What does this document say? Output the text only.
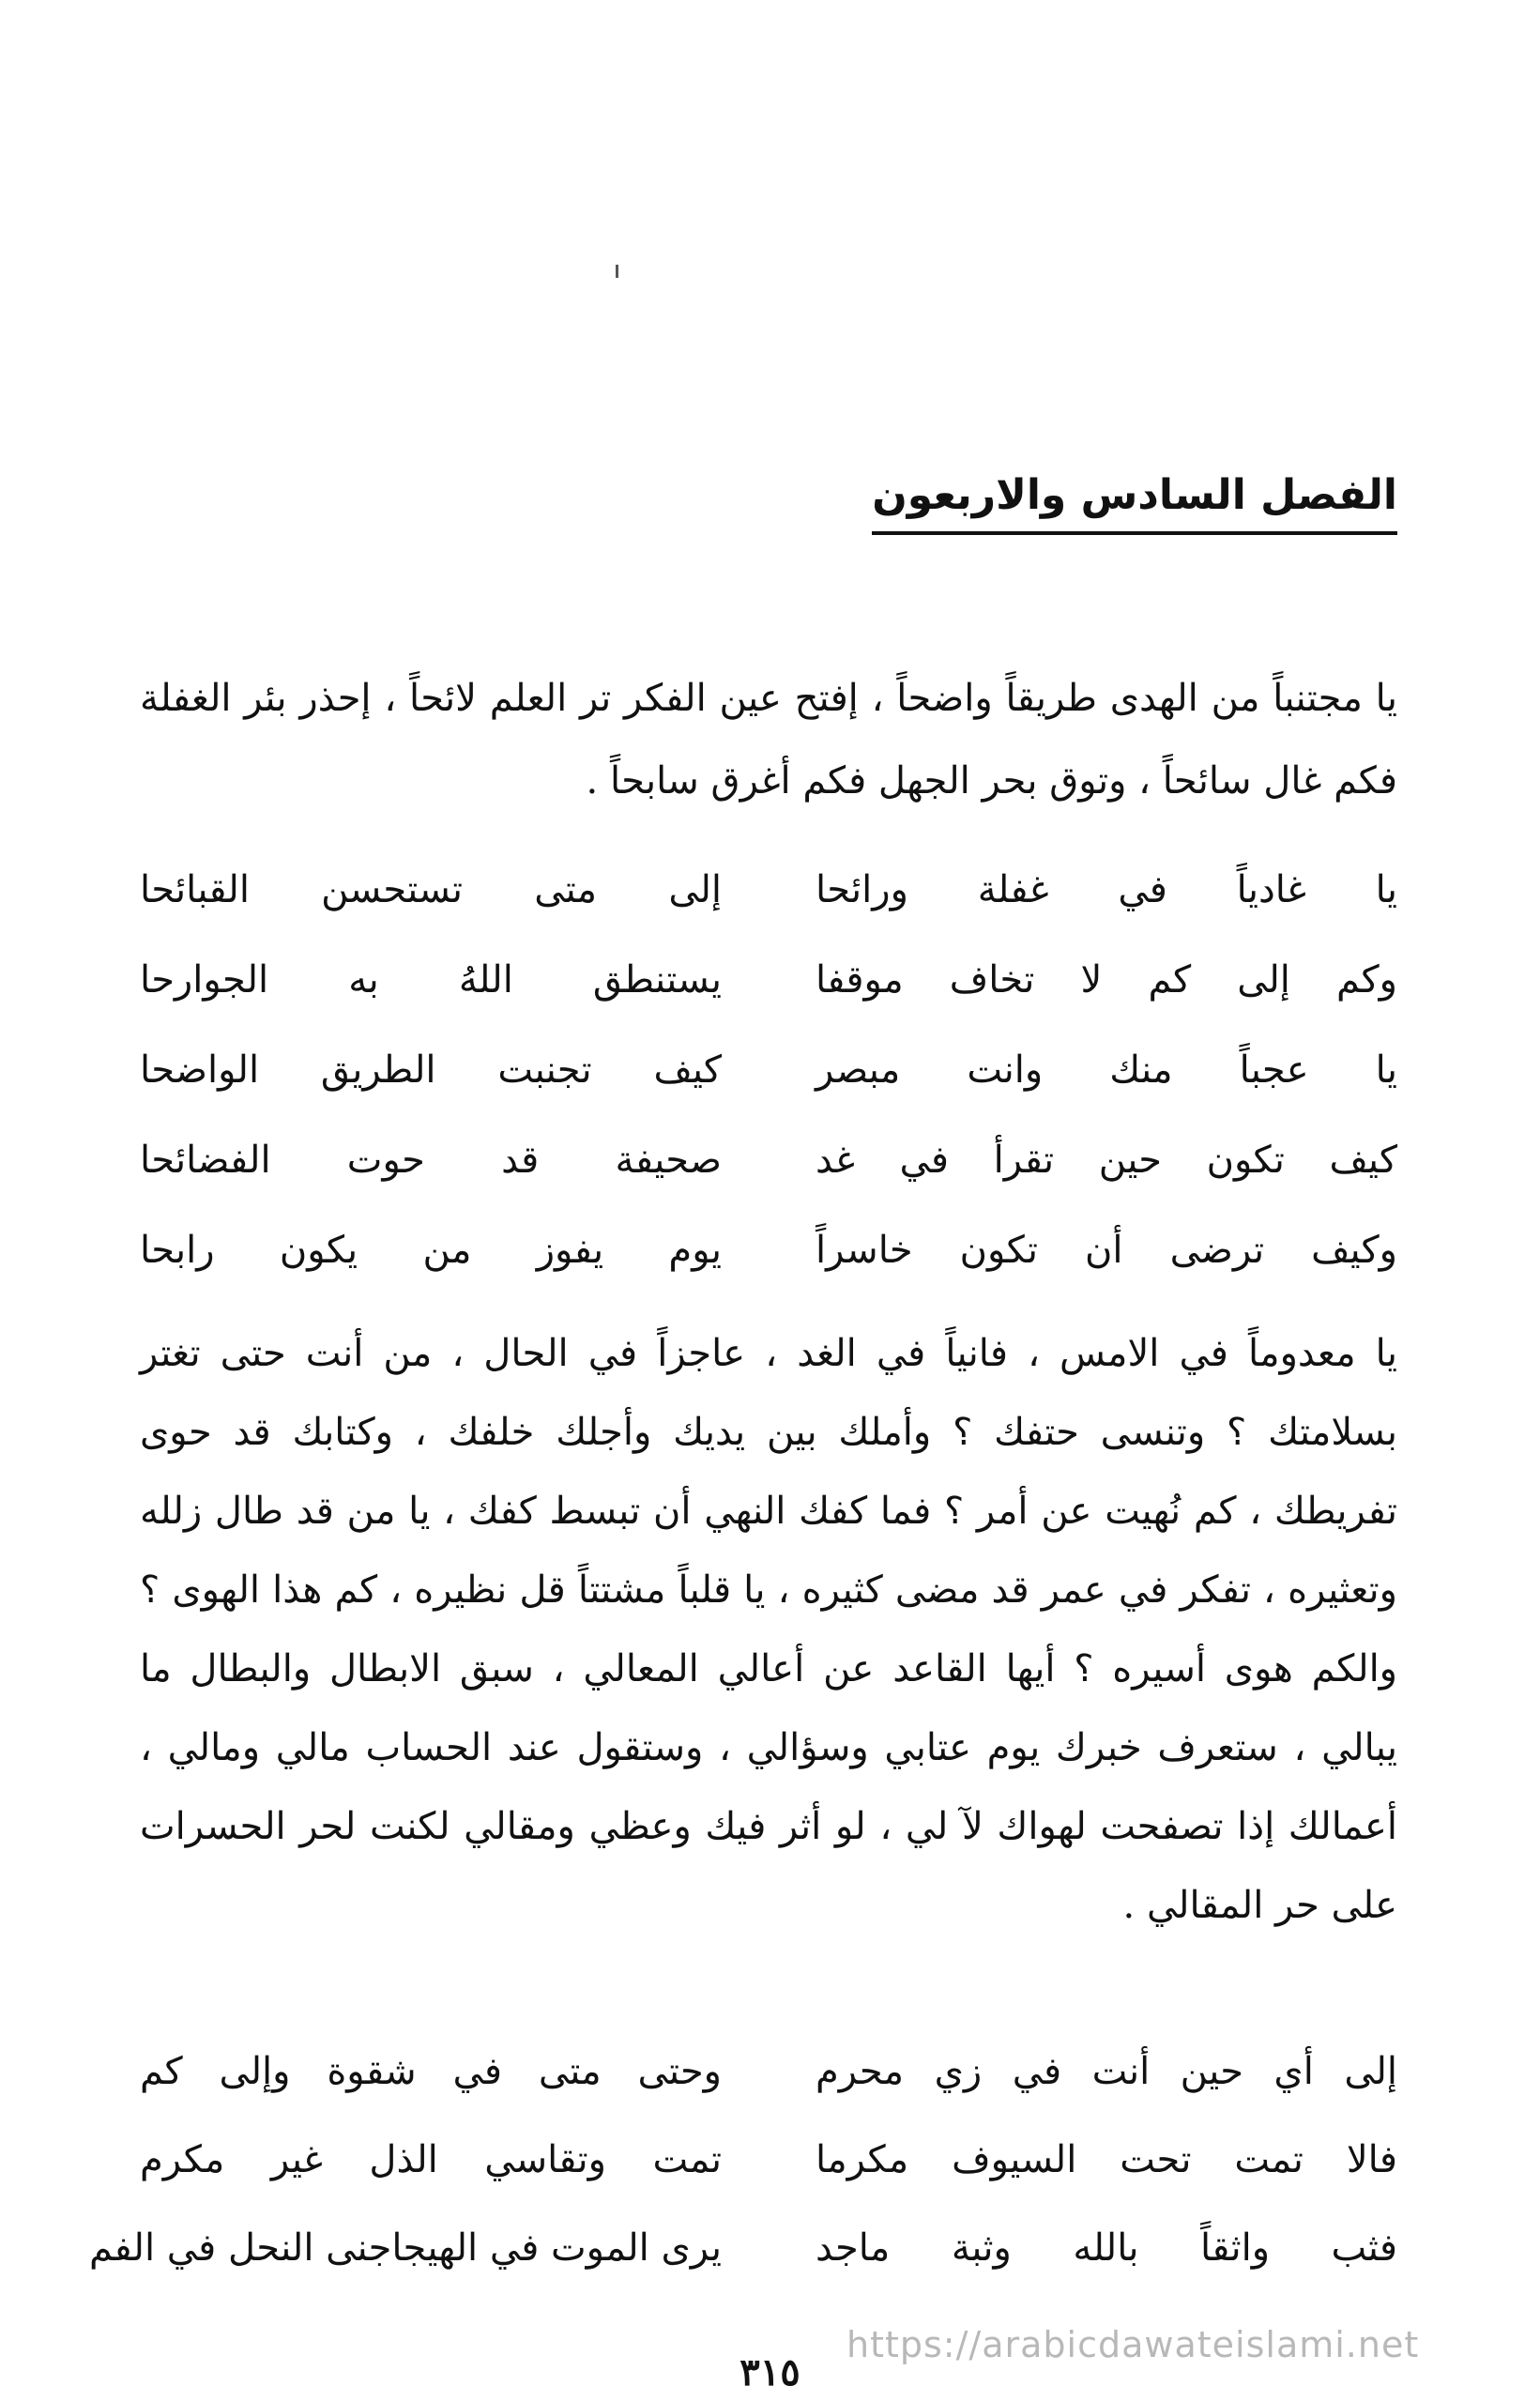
الفصل السادس والاربعون

يا مجتنباً من الهدى طريقاً واضحاً ، إفتح عين الفكر تر العلم لائحاً ، إحذر بئر الغفلة فكم غال سائحاً ، وتوق بحر الجهل فكم أغرق سابحاً .

يا غادياً في غفلة ورائحا
إلى متى تستحسن القبائحا
وكم إلى كم لا تخاف موقفا
يستنطق اللهُ به الجوارحا
يا عجباً منك وانت مبصر
كيف تجنبت الطريق الواضحا
كيف تكون حين تقرأ في غد
صحيفة قد حوت الفضائحا
وكيف ترضى أن تكون خاسراً
يوم يفوز من يكون رابحا

يا معدوماً في الامس ، فانياً في الغد ، عاجزاً في الحال ، من أنت حتى تغتر بسلامتك ؟ وتنسى حتفك ؟ وأملك بين يديك وأجلك خلفك ، وكتابك قد حوى تفريطك ، كم نُهيت عن أمر ؟ فما كفك النهي أن تبسط كفك ، يا من قد طال زلله وتعثيره ، تفكر في عمر قد مضى كثيره ، يا قلباً مشتتاً قل نظيره ، كم هذا الهوى ؟ والكم هوى أسيره ؟ أيها القاعد عن أعالي المعالي ، سبق الابطال والبطال ما يبالي ، ستعرف خبرك يوم عتابي وسؤالي ، وستقول عند الحساب مالي ومالي ، أعمالك إذا تصفحت لهواك لآ لي ، لو أثر فيك وعظي ومقالي لكنت لحر الحسرات على حر المقالي .

إلى أي حين أنت في زي محرم
وحتى متى في شقوة وإلى كم
فالا تمت تحت السيوف مكرما
تمت وتقاسي الذل غير مكرم
فثب واثقاً بالله وثبة ماجد
يرى الموت في الهيجاجنى النحل في الفم
https://arabicdawateislami.net
٣١٥
